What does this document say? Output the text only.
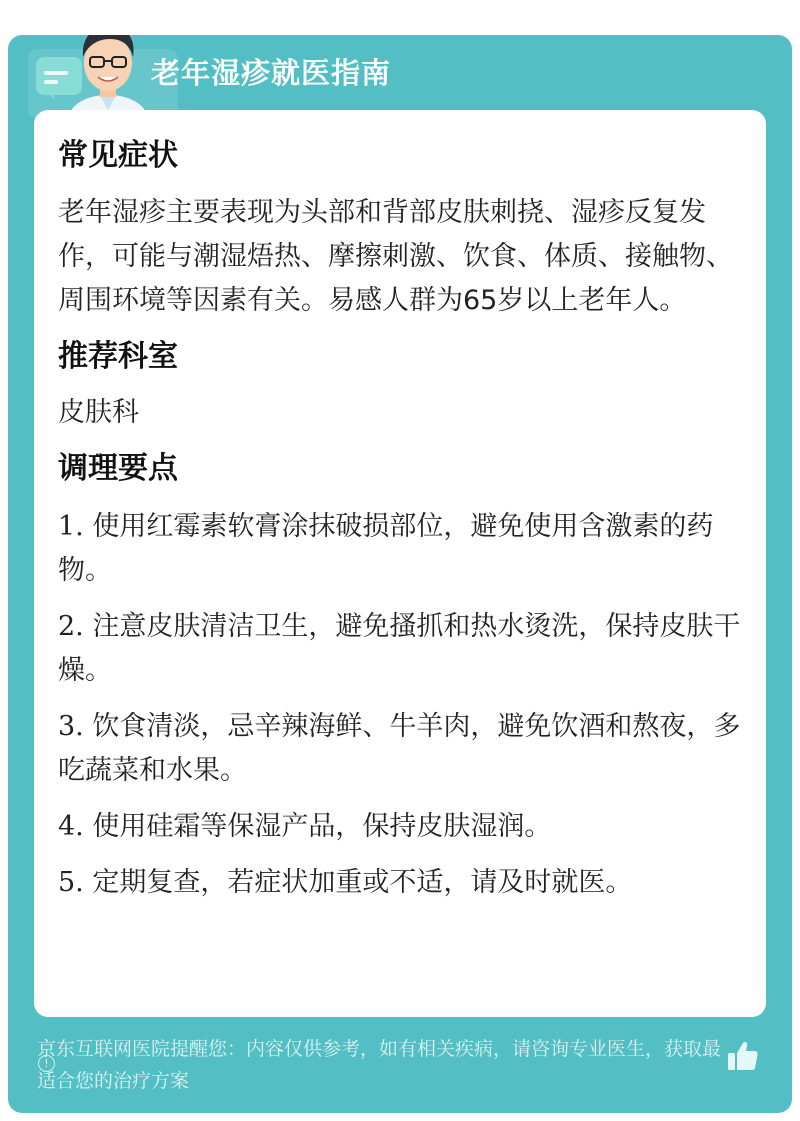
老年湿疹就医指南
常见症状

老年湿疹主要表现为头部和背部皮肤刺挠、湿疹反复发作，可能与潮湿焐热、摩擦刺激、饮食、体质、接触物、周围环境等因素有关。易感人群为65岁以上老年人。

推荐科室

皮肤科

调理要点

1. 使用红霉素软膏涂抹破损部位，避免使用含激素的药物。

2. 注意皮肤清洁卫生，避免搔抓和热水烫洗，保持皮肤干燥。

3. 饮食清淡，忌辛辣海鲜、牛羊肉，避免饮酒和熬夜，多吃蔬菜和水果。

4. 使用硅霜等保湿产品，保持皮肤湿润。

5. 定期复查，若症状加重或不适，请及时就医。

!
京东互联网医院提醒您：内容仅供参考，如有相关疾病，请咨询专业医生，获取最适合您的治疗方案
